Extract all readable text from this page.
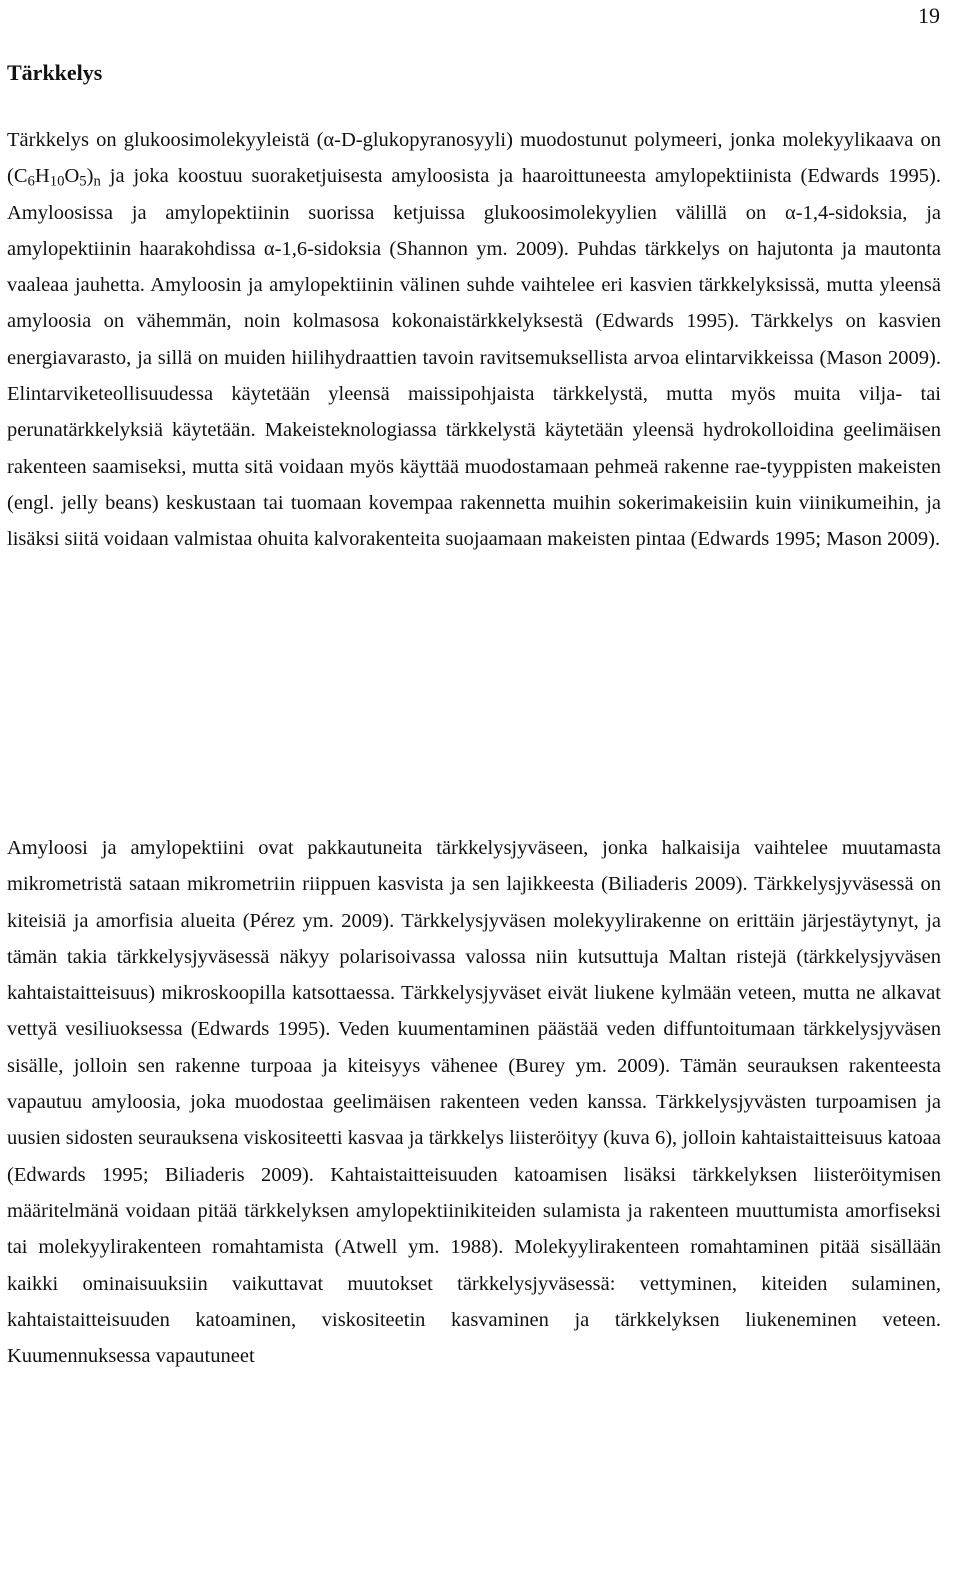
19
Tärkkelys

Tärkkelys on glukoosimolekyyleistä (α-D-glukopyranosyyli) muodostunut polymeeri, jonka molekyylikaava on $(C_6H_{10}O_5)_n$ ja joka koostuu suoraketjuisesta amyloosista ja haaroittuneesta amylopektiinista (Edwards 1995). Amyloosissa ja amylopektiinin suorissa ketjuissa glukoosimolekyylien välillä on α-1,4-sidoksia, ja amylopektiinin haarakohdissa α-1,6-sidoksia (Shannon ym. 2009). Puhdas tärkkelys on hajutonta ja mautonta vaaleaa jauhetta. Amyloosin ja amylopektiinin välinen suhde vaihtelee eri kasvien tärkkelyksissä, mutta yleensä amyloosia on vähemmän, noin kolmasosa kokonaistärkkelyksestä (Edwards 1995). Tärkkelys on kasvien energiavarasto, ja sillä on muiden hiilihydraattien tavoin ravitsemuksellista arvoa elintarvikkeissa (Mason 2009). Elintarviketeollisuudessa käytetään yleensä maissipohjaista tärkkelystä, mutta myös muita vilja- tai perunatärkkelyksiä käytetään. Makeisteknologiassa tärkkelystä käytetään yleensä hydrokolloidina geelimäisen rakenteen saamiseksi, mutta sitä voidaan myös käyttää muodostamaan pehmeä rakenne rae-tyyppisten makeisten (engl. jelly beans) keskustaan tai tuomaan kovempaa rakennetta muihin sokerimakeisiin kuin viinikumeihin, ja lisäksi siitä voidaan valmistaa ohuita kalvorakenteita suojaamaan makeisten pintaa (Edwards 1995; Mason 2009).

Amyloosi ja amylopektiini ovat pakkautuneita tärkkelysjyväseen, jonka halkaisija vaihtelee muutamasta mikrometristä sataan mikrometriin riippuen kasvista ja sen lajikkeesta (Biliaderis 2009). Tärkkelysjyväsessä on kiteisiä ja amorfisia alueita (Pérez ym. 2009). Tärkkelysjyväsen molekyylirakenne on erittäin järjestäytynyt, ja tämän takia tärkkelysjyväsessä näkyy polarisoivassa valossa niin kutsuttuja Maltan ristejä (tärkkelysjyväsen kahtaistaitteisuus) mikroskoopilla katsottaessa. Tärkkelysjyväset eivät liukene kylmään veteen, mutta ne alkavat vettyä vesiliuoksessa (Edwards 1995). Veden kuumentaminen päästää veden diffuntoitumaan tärkkelysjyväsen sisälle, jolloin sen rakenne turpoaa ja kiteisyys vähenee (Burey ym. 2009). Tämän seurauksen rakenteesta vapautuu amyloosia, joka muodostaa geelimäisen rakenteen veden kanssa. Tärkkelysjyvästen turpoamisen ja uusien sidosten seurauksena viskositeetti kasvaa ja tärkkelys liisteröityy (kuva 6), jolloin kahtaistaitteisuus katoaa (Edwards 1995; Biliaderis 2009). Kahtaistaitteisuuden katoamisen lisäksi tärkkelyksen liisteröitymisen määritelmänä voidaan pitää tärkkelyksen amylopektiinikiteiden sulamista ja rakenteen muuttumista amorfiseksi tai molekyylirakenteen romahtamista (Atwell ym. 1988). Molekyylirakenteen romahtaminen pitää sisällään kaikki ominaisuuksiin vaikuttavat muutokset tärkkelysjyväsessä: vettyminen, kiteiden sulaminen, kahtaistaitteisuuden katoaminen, viskositeetin kasvaminen ja tärkkelyksen liukeneminen veteen. Kuumennuksessa vapautuneet
